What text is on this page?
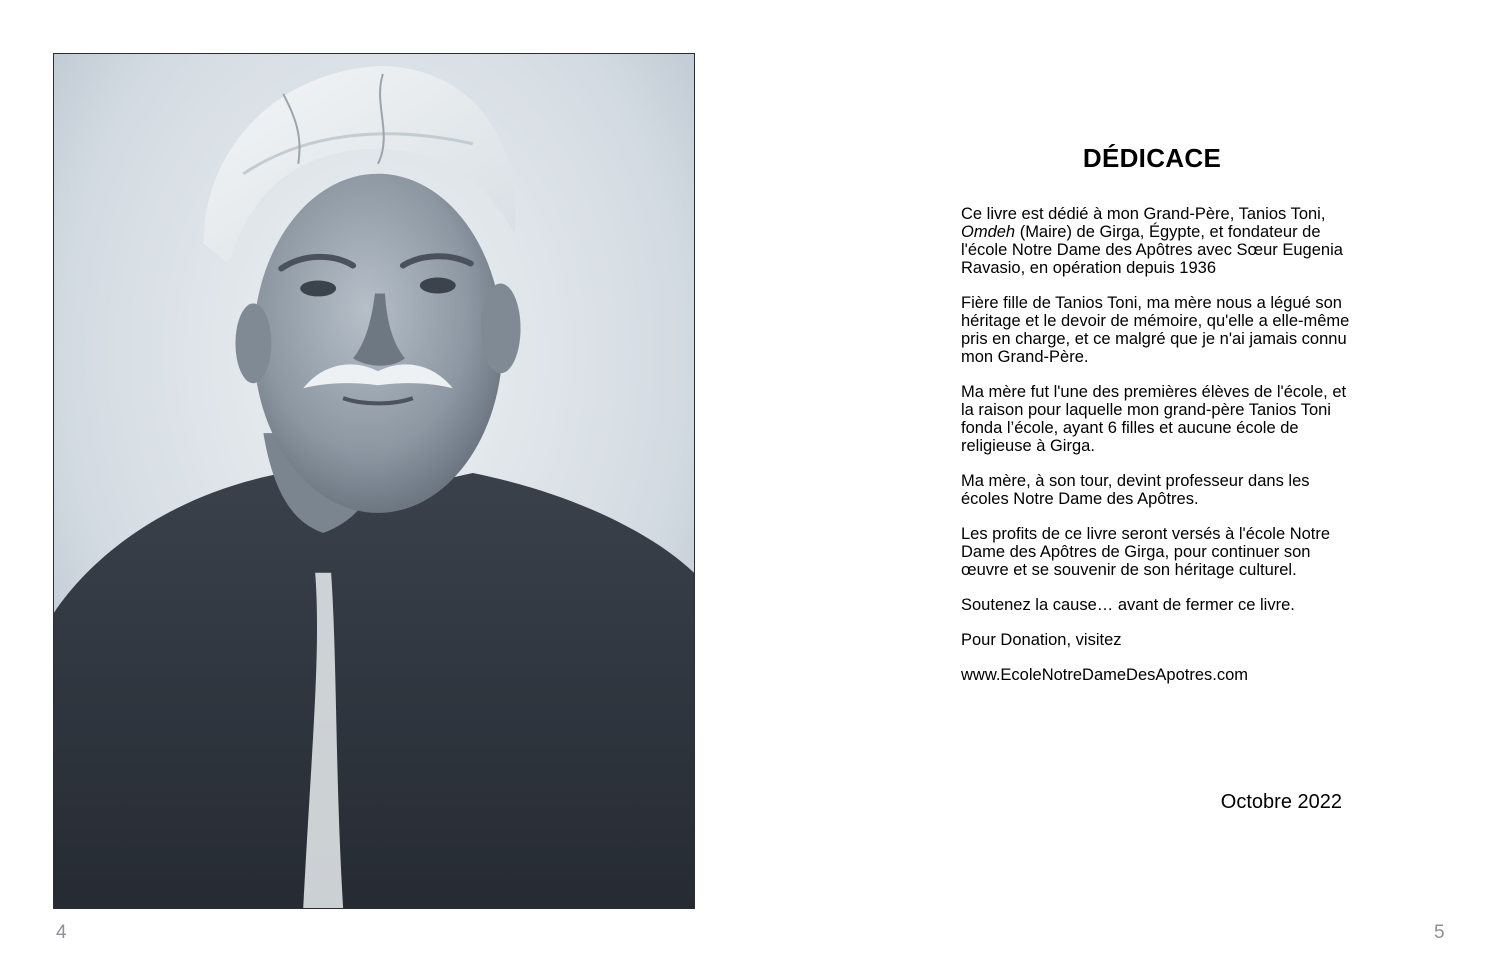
4
DÉDICACE

Ce livre est dédié à mon Grand-Père, Tanios Toni, Omdeh (Maire) de Girga, Égypte, et fondateur de l'école Notre Dame des Apôtres avec Sœur Eugenia Ravasio, en opération depuis 1936

Fière fille de Tanios Toni, ma mère nous a légué son héritage et le devoir de mémoire, qu'elle a elle-même pris en charge, et ce malgré que je n'ai jamais connu mon Grand-Père.

Ma mère fut l'une des premières élèves de l'école, et la raison pour laquelle mon grand-père Tanios Toni fonda l’école, ayant 6 filles et aucune école de religieuse à Girga.

Ma mère, à son tour, devint professeur dans les écoles Notre Dame des Apôtres.

Les profits de ce livre seront versés à l'école Notre Dame des Apôtres de Girga, pour continuer son œuvre et se souvenir de son héritage culturel.

Soutenez la cause… avant de fermer ce livre.

Pour Donation, visitez

www.EcoleNotreDameDesApotres.com

Octobre 2022
5
